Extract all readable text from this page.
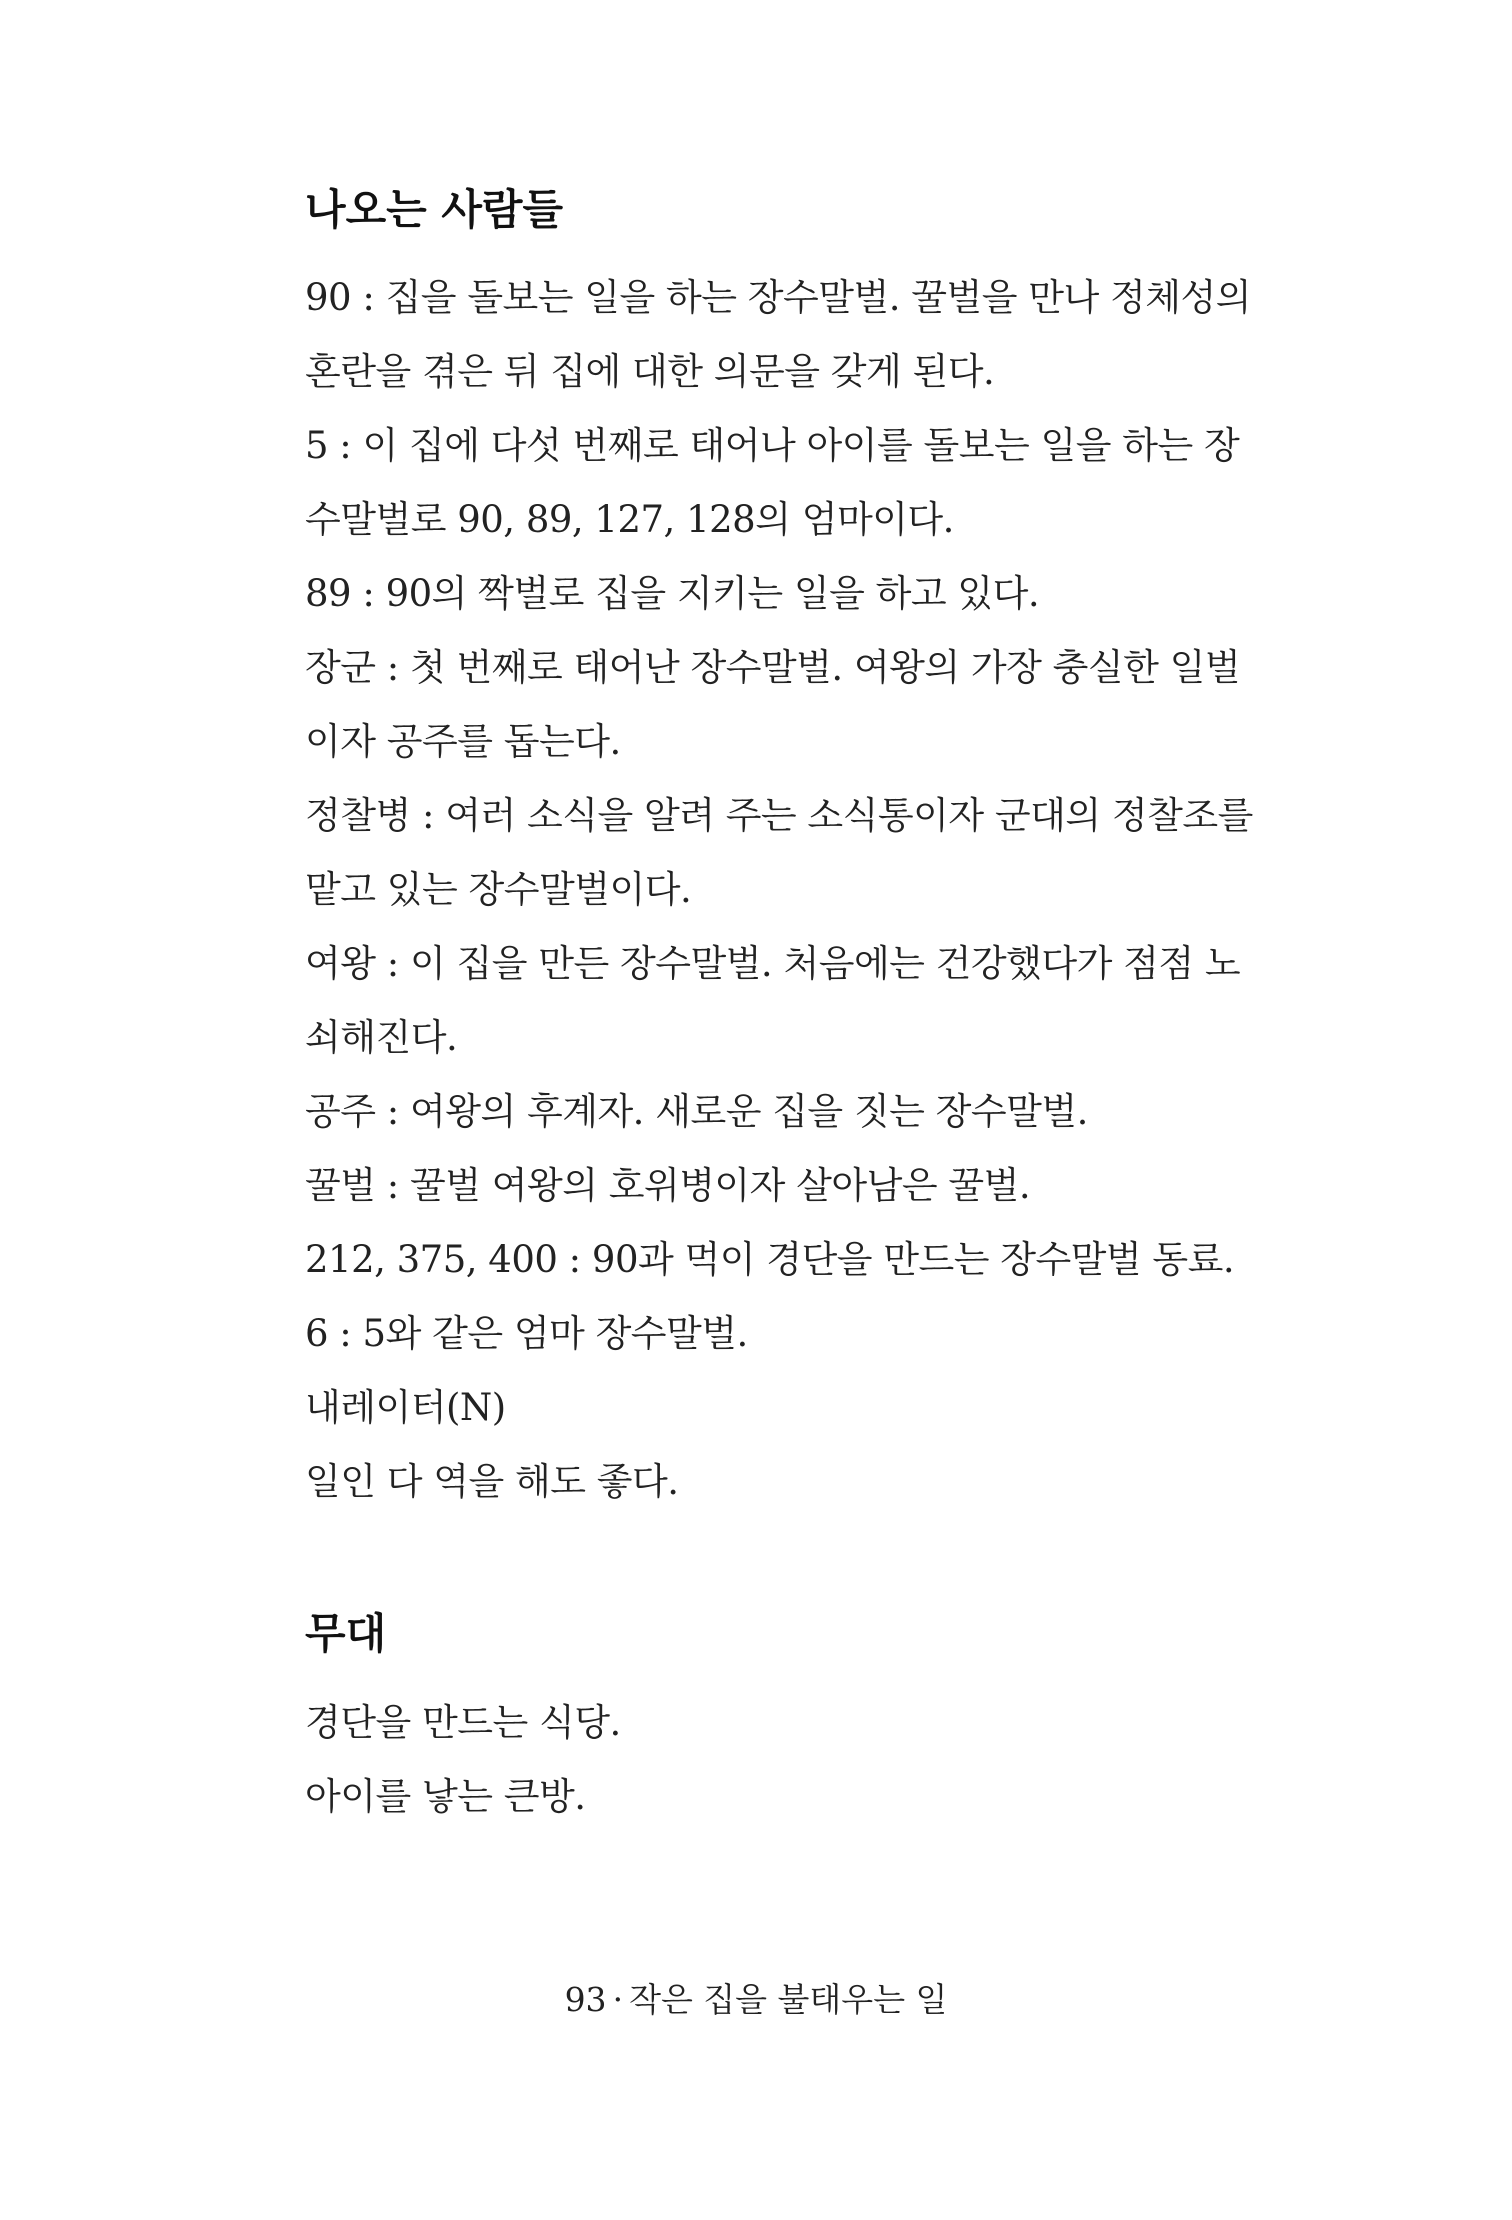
나오는 사람들
90 : 집을 돌보는 일을 하는 장수말벌. 꿀벌을 만나 정체성의 혼란을 겪은 뒤 집에 대한 의문을 갖게 된다.
5 : 이 집에 다섯 번째로 태어나 아이를 돌보는 일을 하는 장수말벌로 90, 89, 127, 128의 엄마이다.
89 : 90의 짝벌로 집을 지키는 일을 하고 있다.
장군 : 첫 번째로 태어난 장수말벌. 여왕의 가장 충실한 일벌이자 공주를 돕는다.
정찰병 : 여러 소식을 알려 주는 소식통이자 군대의 정찰조를 맡고 있는 장수말벌이다.
여왕 : 이 집을 만든 장수말벌. 처음에는 건강했다가 점점 노쇠해진다.
공주 : 여왕의 후계자. 새로운 집을 짓는 장수말벌.
꿀벌 : 꿀벌 여왕의 호위병이자 살아남은 꿀벌.
212, 375, 400 : 90과 먹이 경단을 만드는 장수말벌 동료.
6 : 5와 같은 엄마 장수말벌.
내레이터(N)
일인 다 역을 해도 좋다.
무대
경단을 만드는 식당.
아이를 낳는 큰방.
93 · 작은 집을 불태우는 일
